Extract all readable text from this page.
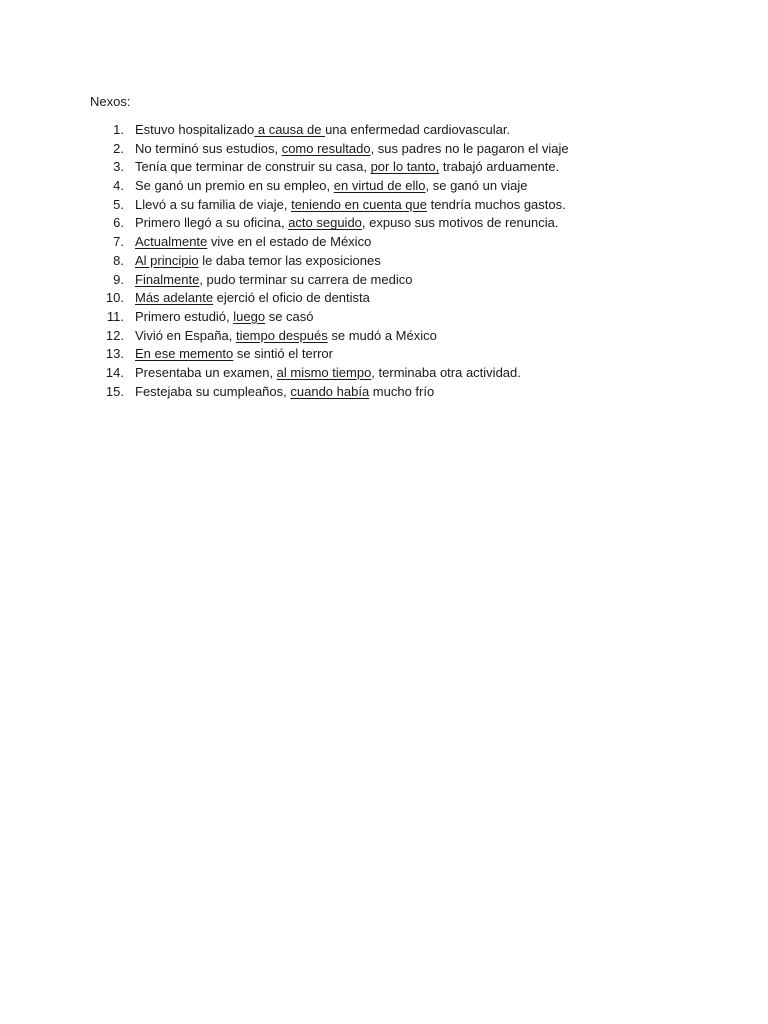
Nexos:
1. Estuvo hospitalizado a causa de una enfermedad cardiovascular.
2. No terminó sus estudios, como resultado, sus padres no le pagaron el viaje
3. Tenía que terminar de construir su casa, por lo tanto, trabajó arduamente.
4. Se ganó un premio en su empleo, en virtud de ello, se ganó un viaje
5. Llevó a su familia de viaje, teniendo en cuenta que tendría muchos gastos.
6. Primero llegó a su oficina, acto seguido, expuso sus motivos de renuncia.
7. Actualmente vive en el estado de México
8. Al principio le daba temor las exposiciones
9. Finalmente, pudo terminar su carrera de medico
10. Más adelante ejerció el oficio de dentista
11. Primero estudió, luego se casó
12. Vivió en España, tiempo después se mudó a México
13. En ese memento se sintió el terror
14. Presentaba un examen, al mismo tiempo, terminaba otra actividad.
15. Festejaba su cumpleaños, cuando había mucho frío
